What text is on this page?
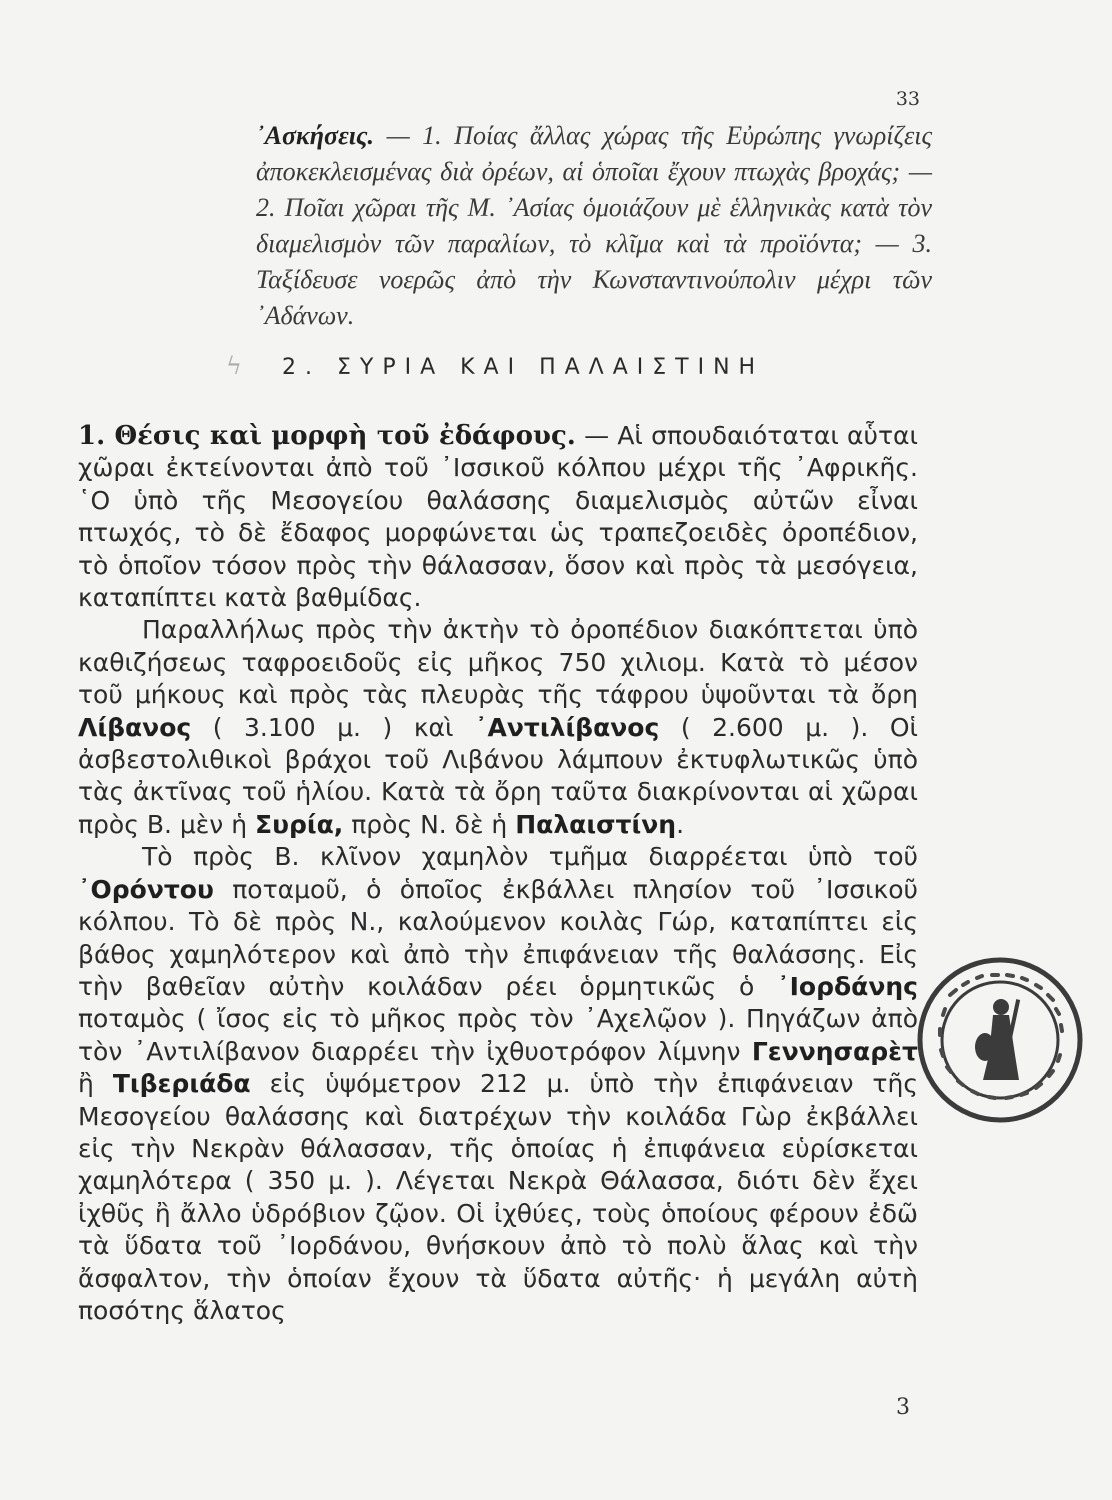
33
᾿Ασκήσεις. — 1. Ποίας ἄλλας χώρας τῆς Εὐρώπης γνωρίζεις ἀποκεκλεισμένας διὰ ὀρέων, αἱ ὁποῖαι ἔχουν πτωχὰς βροχάς; — 2. Ποῖαι χῶραι τῆς Μ. ᾿Ασίας ὁμοιάζουν μὲ ἑλληνικὰς κατὰ τὸν διαμελισμὸν τῶν παραλίων, τὸ κλῖμα καὶ τὰ προϊόντα; — 3. Ταξίδευσε νοερῶς ἀπὸ τὴν Κωνσταντινούπολιν μέχρι τῶν ᾿Αδάνων.
ϟ 2. ΣΥΡΙΑ ΚΑΙ ΠΑΛΑΙΣΤΙΝΗ

1. Θέσις καὶ μορφὴ τοῦ ἐδάφους. — Αἱ σπουδαιόταται αὗται χῶραι ἐκτείνονται ἀπὸ τοῦ ᾿Ισσικοῦ κόλπου μέχρι τῆς ᾿Αφρικῆς. ῾Ο ὑπὸ τῆς Μεσογείου θαλάσσης διαμελισμὸς αὐτῶν εἶναι πτωχός, τὸ δὲ ἔδαφος μορφώνεται ὡς τραπεζοειδὲς ὀροπέδιον, τὸ ὁποῖον τόσον πρὸς τὴν θάλασσαν, ὅσον καὶ πρὸς τὰ μεσόγεια, καταπίπτει κατὰ βαθμίδας.

Παραλλήλως πρὸς τὴν ἀκτὴν τὸ ὀροπέδιον διακόπτεται ὑπὸ καθιζήσεως ταφροειδοῦς εἰς μῆκος 750 χιλιομ. Κατὰ τὸ μέσον τοῦ μήκους καὶ πρὸς τὰς πλευρὰς τῆς τάφρου ὑψοῦνται τὰ ὄρη Λίβανος ( 3.100 μ. ) καὶ ᾿Αντιλίβανος ( 2.600 μ. ). Οἱ ἀσβεστολιθικοὶ βράχοι τοῦ Λιβάνου λάμπουν ἐκτυφλωτικῶς ὑπὸ τὰς ἀκτῖνας τοῦ ἡλίου. Κατὰ τὰ ὄρη ταῦτα διακρίνονται αἱ χῶραι πρὸς Β. μὲν ἡ Συρία, πρὸς Ν. δὲ ἡ Παλαιστίνη.

Τὸ πρὸς Β. κλῖνον χαμηλὸν τμῆμα διαρρέεται ὑπὸ τοῦ ᾿Ορόντου ποταμοῦ, ὁ ὁποῖος ἐκβάλλει πλησίον τοῦ ᾿Ισσικοῦ κόλπου. Τὸ δὲ πρὸς Ν., καλούμενον κοιλὰς Γώρ, καταπίπτει εἰς βάθος χαμηλότερον καὶ ἀπὸ τὴν ἐπιφάνειαν τῆς θαλάσσης. Εἰς τὴν βαθεῖαν αὐτὴν κοιλάδαν ρέει ὁρμητικῶς ὁ ᾿Ιορδάνης ποταμὸς ( ἴσος εἰς τὸ μῆκος πρὸς τὸν ᾿Αχελῷον ). Πηγάζων ἀπὸ τὸν ᾿Αντιλίβανον διαρρέει τὴν ἰχθυοτρόφον λίμνην Γεννησαρὲτ ἢ Τιβεριάδα εἰς ὑψόμετρον 212 μ. ὑπὸ τὴν ἐπιφάνειαν τῆς Μεσογείου θαλάσσης καὶ διατρέχων τὴν κοιλάδα Γὼρ ἐκβάλλει εἰς τὴν Νεκρὰν θάλασσαν, τῆς ὁποίας ἡ ἐπιφάνεια εὑρίσκεται χαμηλότερα ( 350 μ. ). Λέγεται Νεκρὰ Θάλασσα, διότι δὲν ἔχει ἰχθῦς ἢ ἄλλο ὑδρόβιον ζῷον. Οἱ ἰχθύες, τοὺς ὁποίους φέρουν ἐδῶ τὰ ὕδατα τοῦ ᾿Ιορδάνου, θνήσκουν ἀπὸ τὸ πολὺ ἅλας καὶ τὴν ἄσφαλτον, τὴν ὁποίαν ἔχουν τὰ ὕδατα αὐτῆς· ἡ μεγάλη αὐτὴ ποσότης ἅλατος

3
